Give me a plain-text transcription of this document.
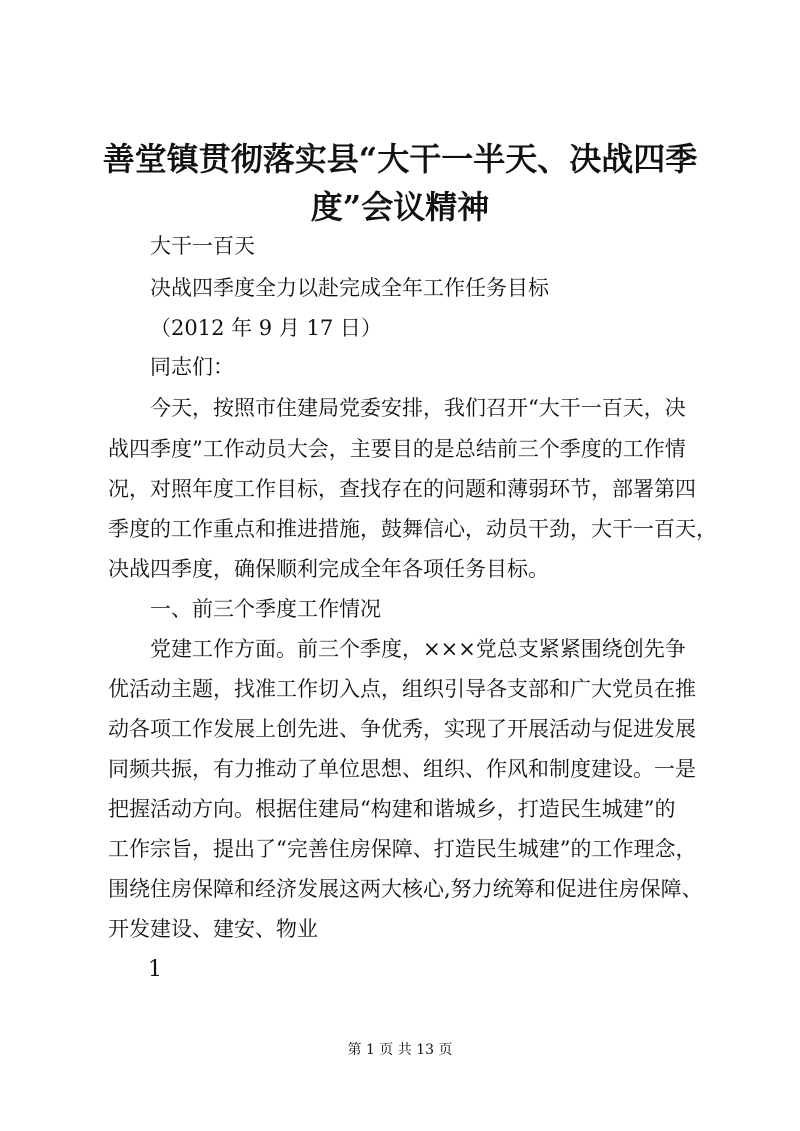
善堂镇贯彻落实县“大干一半天、决战四季
度”会议精神

大干一百天

决战四季度全力以赴完成全年工作任务目标

（2012 年 9 月 17 日）

同志们：

今天，按照市住建局党委安排，我们召开“大干一百天，决

战四季度”工作动员大会，主要目的是总结前三个季度的工作情

况，对照年度工作目标，查找存在的问题和薄弱环节，部署第四

季度的工作重点和推进措施，鼓舞信心，动员干劲，大干一百天，

决战四季度，确保顺利完成全年各项任务目标。

一、前三个季度工作情况

党建工作方面。前三个季度，×××党总支紧紧围绕创先争

优活动主题，找准工作切入点，组织引导各支部和广大党员在推

动各项工作发展上创先进、争优秀，实现了开展活动与促进发展

同频共振，有力推动了单位思想、组织、作风和制度建设。一是

把握活动方向。根据住建局“构建和谐城乡，打造民生城建”的

工作宗旨，提出了“完善住房保障、打造民生城建”的工作理念，

围绕住房保障和经济发展这两大核心,努力统筹和促进住房保障、

开发建设、建安、物业

1
第 1 页 共 13 页
